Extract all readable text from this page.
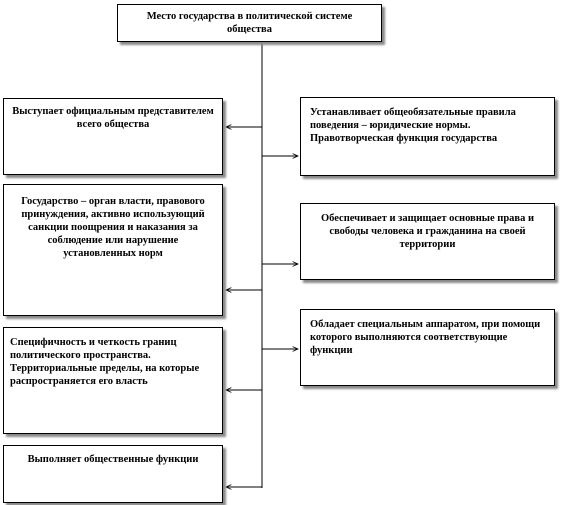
Место государства в политической системе общества
Выступает официальным представителем всего общества
Государство – орган власти, правового принуждения, активно использующий санкции поощрения и наказания за соблюдение или нарушение установленных норм
Специфичность и четкость границ политического пространства. Территориальные пределы, на которые распространяется его власть
Выполняет общественные функции
Устанавливает общеобязательные правила поведения – юридические нормы. Правотворческая функция государства
Обеспечивает и защищает основные права и свободы человека и гражданина на своей территории
Обладает специальным аппаратом, при помощи которого выполняются соответствующие функции
